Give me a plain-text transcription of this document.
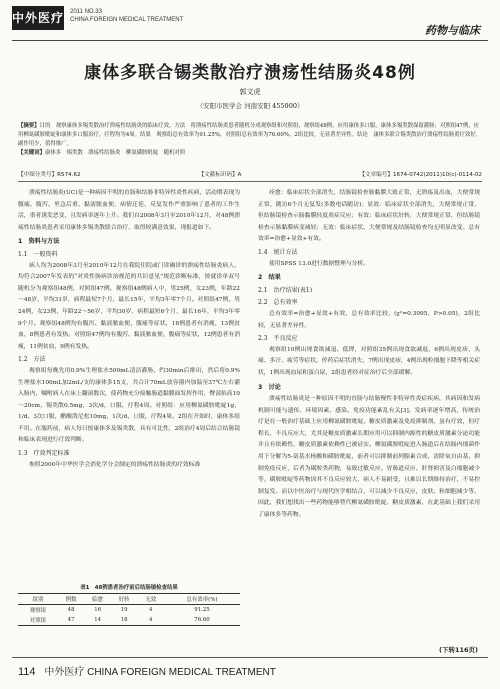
中外医疗 2011 NO.33
CHINA FOREIGN MEDICAL TREATMENT
药物与临床
康体多联合锡类散治疗溃疡性结肠炎48例
郭文虎
（安阳市医学会 河南安阳 455000）
【摘要】目的　观察康体多锡类散治疗溃疡性结肠炎的临床疗效。方法　将溃疡性结肠炎患者随机分成观察组和对照组，观察组48例，应用康体多口服，康体多锡类散保留灌肠；对照组47例，应用柳氮磺胺吡啶和康体多口服治疗，疗程均为4周。结果　观察组总有效率为91.25%，对照组总有效率为76.60%，2组比较，无显著差异性。结论　康体多联合锡类散治疗溃疡性结肠炎疗效好，副作用少，值得推广。
【关键词】康体多　锡类散　溃疡性结肠炎　柳氮磺胺吡啶　随机对照
【中图分类号】R574.62	【文献标识码】A	【文章编号】1674-0742(2011)10(c)-0114-02

溃疡性结肠炎(UC)是一种病因不明的直肠和结肠非特异性炎性疾病，活动期表现为腹痛、腹泻、里急后重、黏液脓血便，病情迁延、反复发作严重影响了患者的工作生活，重者诱发恶变，且发病率逐年上升。我们自2008年3月至2010年12月，对48例溃疡性结肠炎患者采用康体多锡类散联合治疗，取得较满意效果，现报道如下。

1　资料与方法
1.1　一般资料

病人均为2008年3月至2010年12月在我院住院或门诊确诊的溃疡性结肠炎病人，均符合2007年发表的“对炎性肠病诊治规范的共识意见”规范诊断标准，按就诊单双号随机分为观察组48例，对照组47例。观察组48例病人中，男25例，女23例，年龄22～48岁，平均31岁，病程最短7个月，最长15年，平均3年零7个月。对照组47例，男24例，女23例，年龄22～56岁，平均30岁，病程最短6个月，最长16年，平均3年零9个月。观察组48例均有腹泻、黏液脓血便、腹痛等症状，18例患者有消瘦，13例贫血，8例患者有发热。对照组47例均有腹泻、黏液脓血便、腹痛等症状，12例患者有消瘦，11例贫血，9例有发热。

1.2　方法

观察组每晚先用0.9%生理盐水500mL清洁灌肠，约30min后排出，然后将0.9%生理盐水100mL加2mL/支的康体多15支，共合计70mL放容器内加温至37℃左右灌入肠内，嘱咐病人在床上翻滚数次，使药物充分接触肠道黏膜面发挥作用，臀部抬高10～20cm，锡类散0.5mg，3次/d，口服，疗程4周。对照组：应用柳氮磺胺吡啶1g，1/d，3次口服，醋酸泼尼松10mg，1次/d，口服，疗程4周。2组在开始时，康体多组不用。在服药前，病人每日按康体多及锡类散，具有可比性，2组治疗4周后结合结肠镜和临床表现进行疗效判断。

1.3　疗效判定标准

参照2000年中华医学会消化学分会制定的溃疡性结肠炎的疗效标准

表1　48例患者治疗前后结肠镜检查结果
组别	例数	临愈	好转	无效	总有效率(%)
观察组	48	16	19	4	91.25
对照组	47	14	18	4	76.60

痊愈：临床症状全部消失，结肠镜检查肠黏膜大致正常，无溃疡及出血，大便常规正常，随访6个月无复发(多数电话随访)；显效：临床症状全部消失，大便常规正常，但结肠镜检查示肠黏膜轻度炎症反应；有效：临床症状好转，大便常规正常，但结肠镜检查示肠黏膜病变减轻；无效：临床症状、大便常规及结肠镜检查均无明显改变。总有效率=治愈+显效+有效。

1.4　统计方法

使用SPSS 13.0进行数据整理与分析。

2　结果
2.1　治疗结果(表1)
2.2　总有效率

总有效率=治愈+显效+有效，总有效率比较，(χ²=0.3095，P>0.05)，2组比较，无显著差异性。

2.3　不良反应

观察组10例出现食欲减退、低钾，对照组35例出现食欲减退，6例出现皮疹、头痛、多汗、疲劳等症状，停药后症状消失，7例出现皮疹，4例出现粒细胞下降等相关症状，1例出现血尿和蛋白尿，2组患者经对症治疗后全部缓解。

3　讨论

溃疡性结肠炎是一种原因不明的直肠与结肠慢性非特异性炎症疾病，其病因和发病机制可能与遗传、环境因素、感染、免疫功能紊乱有关[3]，发病率逐年增高，传统治疗是在一般治疗基础上应用柳氮磺胺吡啶、糖皮质激素及免疫抑制剂，虽有疗效，但疗程长，不良反应大，尤其是糖皮质激素长期应用可以抑制内源性的糖皮质激素分泌功能并且有依赖性，糖皮质激素依赖性已被证实。柳氮磺胺吡啶进入肠道后在结肠内细菌作用下分解为5-氨基水杨酸和磺胺吡啶，前者可以抑制前列腺素合成、清除氧自由基、抑制免疫反应，后者为磺胺类药物，易致过敏反应、胃肠道反应、肝肾损害及白细胞减少等。磺胺吡啶等药物因其不良反应较大，病人不易耐受，且难以长期维持治疗，不易控制复发。而以中医治疗与现代医学相结合，可以减少不良反应，皮肤、粒细胞减少等，因此，我们想找出一些药物能够替代柳氮磺胺吡啶、糖皮质激素，在此基础上我们采用了康体多等药物。

(下转116页)
114 中外医疗 CHINA FOREIGN MEDICAL TREATMENT
